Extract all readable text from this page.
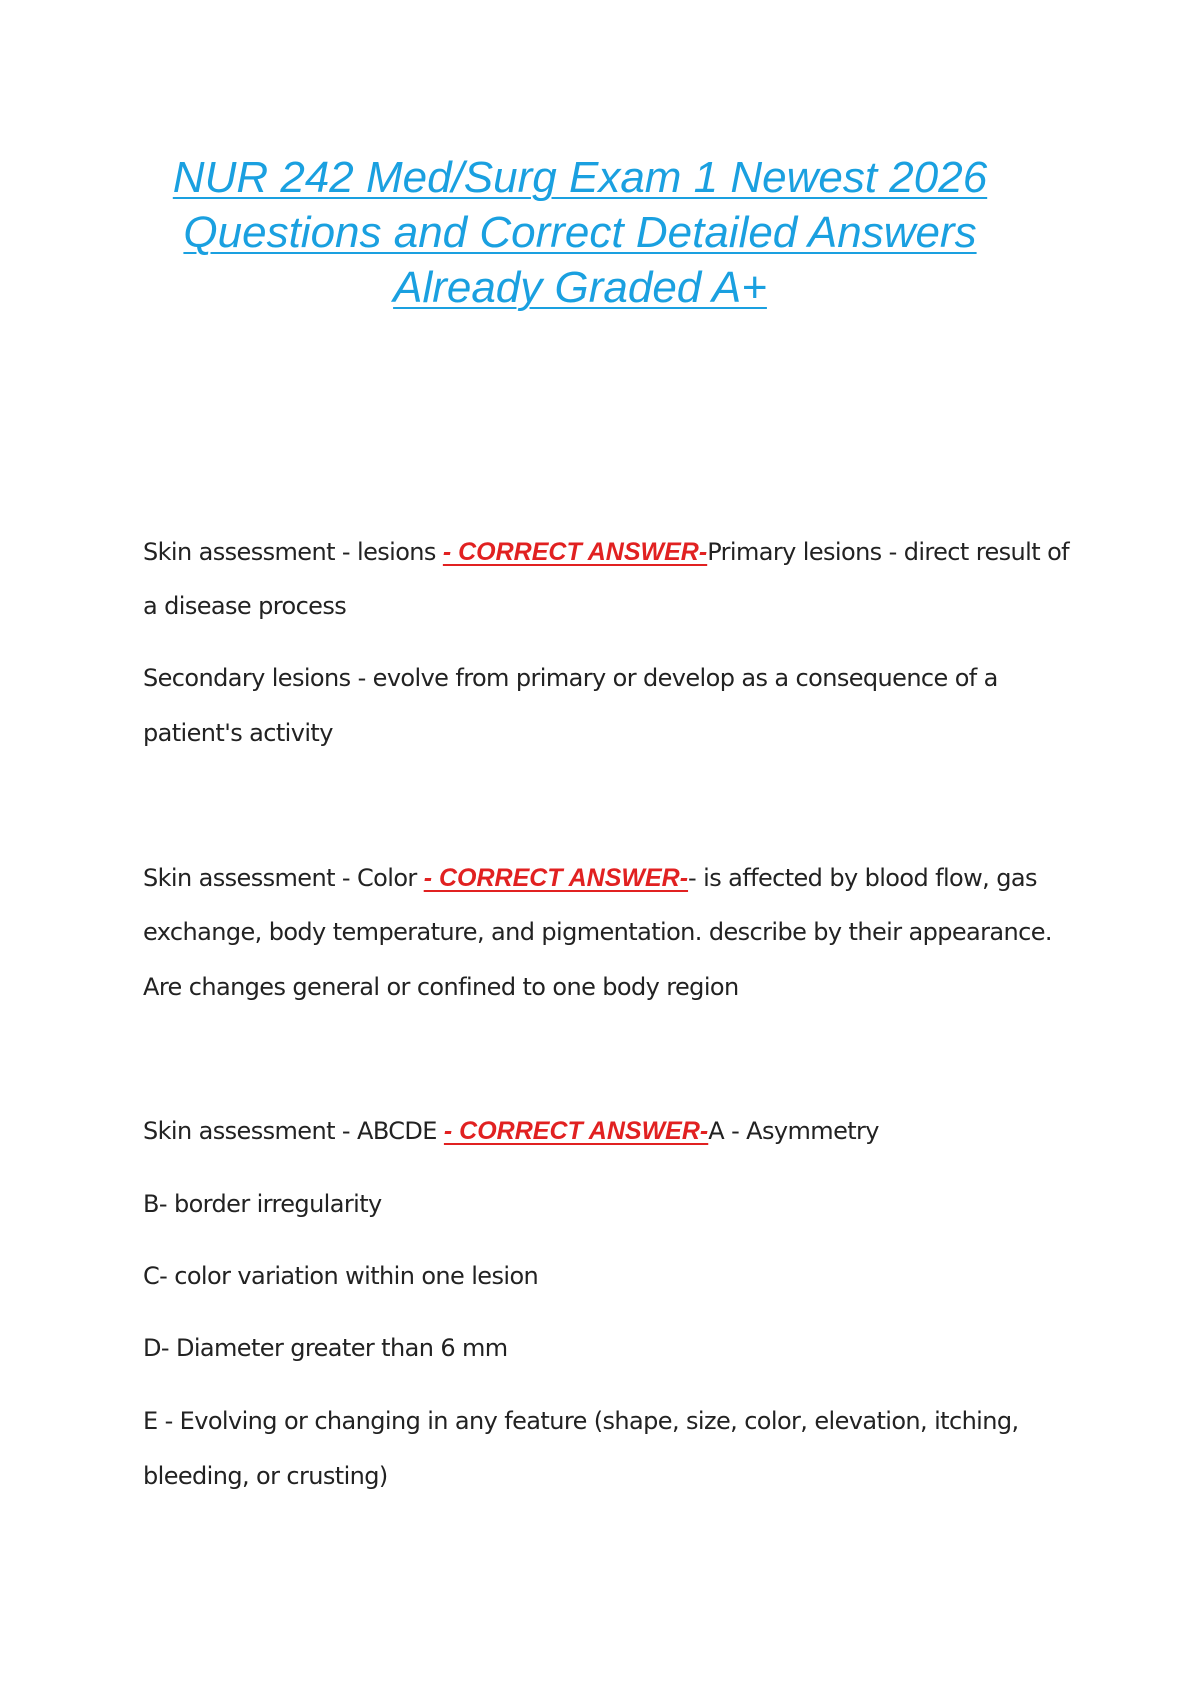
NUR 242 Med/Surg Exam 1 Newest 2026
Questions and Correct Detailed Answers
Already Graded A+
Skin assessment - lesions - CORRECT ANSWER-Primary lesions - direct result of
a disease process
Secondary lesions - evolve from primary or develop as a consequence of a
patient's activity
Skin assessment - Color - CORRECT ANSWER-- is affected by blood flow, gas
exchange, body temperature, and pigmentation. describe by their appearance.
Are changes general or confined to one body region
Skin assessment - ABCDE - CORRECT ANSWER-A - Asymmetry
B- border irregularity
C- color variation within one lesion
D- Diameter greater than 6 mm
E - Evolving or changing in any feature (shape, size, color, elevation, itching,
bleeding, or crusting)
